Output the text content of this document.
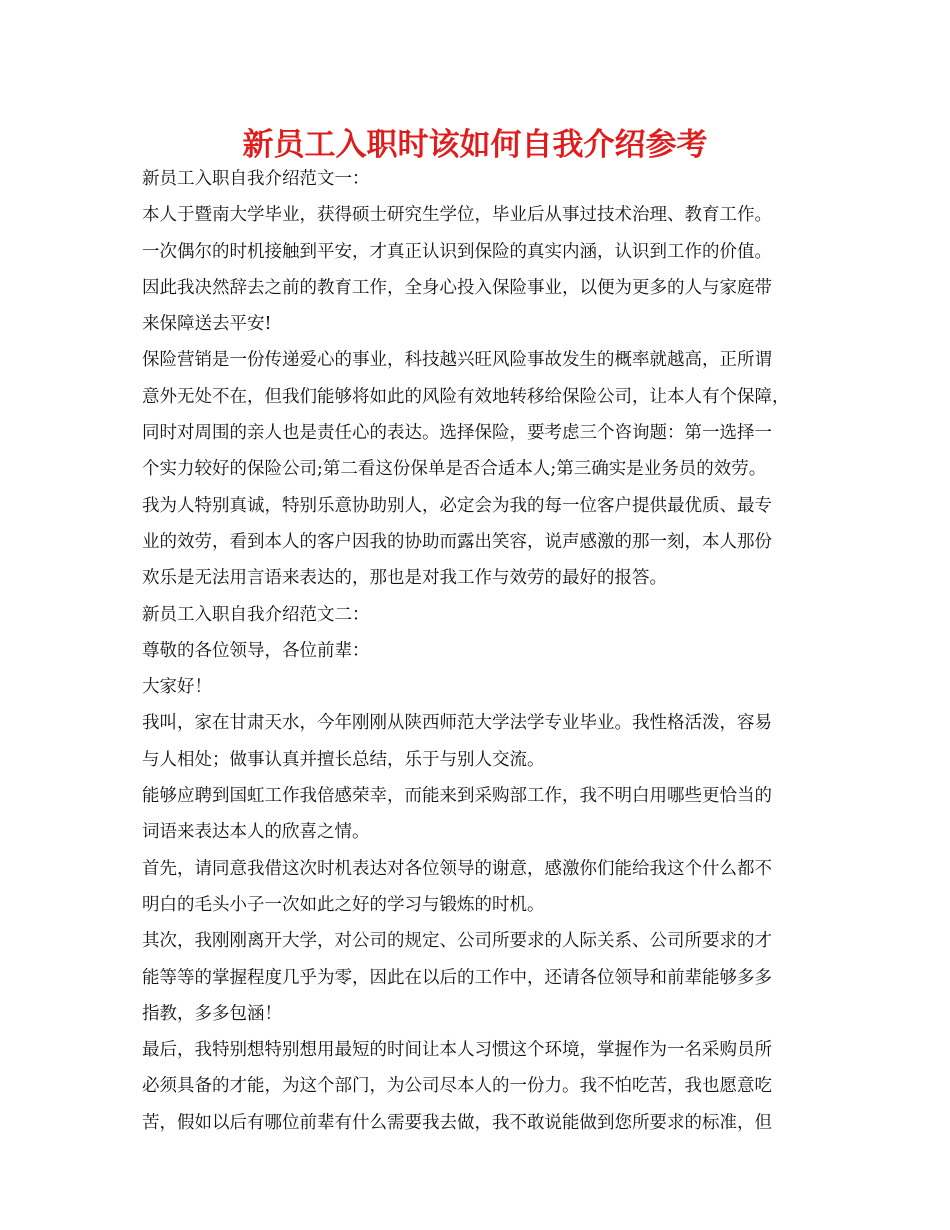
新员工入职时该如何自我介绍参考
新员工入职自我介绍范文一：
本人于暨南大学毕业，获得硕士研究生学位，毕业后从事过技术治理、教育工作。
一次偶尔的时机接触到平安，才真正认识到保险的真实内涵，认识到工作的价值。
因此我决然辞去之前的教育工作，全身心投入保险事业，以便为更多的人与家庭带
来保障送去平安!
保险营销是一份传递爱心的事业，科技越兴旺风险事故发生的概率就越高，正所谓
意外无处不在，但我们能够将如此的风险有效地转移给保险公司，让本人有个保障，
同时对周围的亲人也是责任心的表达。选择保险，要考虑三个咨询题：第一选择一
个实力较好的保险公司;第二看这份保单是否合适本人;第三确实是业务员的效劳。
我为人特别真诚，特别乐意协助别人，必定会为我的每一位客户提供最优质、最专
业的效劳，看到本人的客户因我的协助而露出笑容，说声感激的那一刻，本人那份
欢乐是无法用言语来表达的，那也是对我工作与效劳的最好的报答。
新员工入职自我介绍范文二：
尊敬的各位领导，各位前辈：
大家好！
我叫，家在甘肃天水，今年刚刚从陕西师范大学法学专业毕业。我性格活泼，容易
与人相处；做事认真并擅长总结，乐于与别人交流。
能够应聘到国虹工作我倍感荣幸，而能来到采购部工作，我不明白用哪些更恰当的
词语来表达本人的欣喜之情。
首先，请同意我借这次时机表达对各位领导的谢意，感激你们能给我这个什么都不
明白的毛头小子一次如此之好的学习与锻炼的时机。
其次，我刚刚离开大学，对公司的规定、公司所要求的人际关系、公司所要求的才
能等等的掌握程度几乎为零，因此在以后的工作中，还请各位领导和前辈能够多多
指教，多多包涵！
最后，我特别想特别想用最短的时间让本人习惯这个环境，掌握作为一名采购员所
必须具备的才能，为这个部门，为公司尽本人的一份力。我不怕吃苦，我也愿意吃
苦，假如以后有哪位前辈有什么需要我去做，我不敢说能做到您所要求的标准，但
